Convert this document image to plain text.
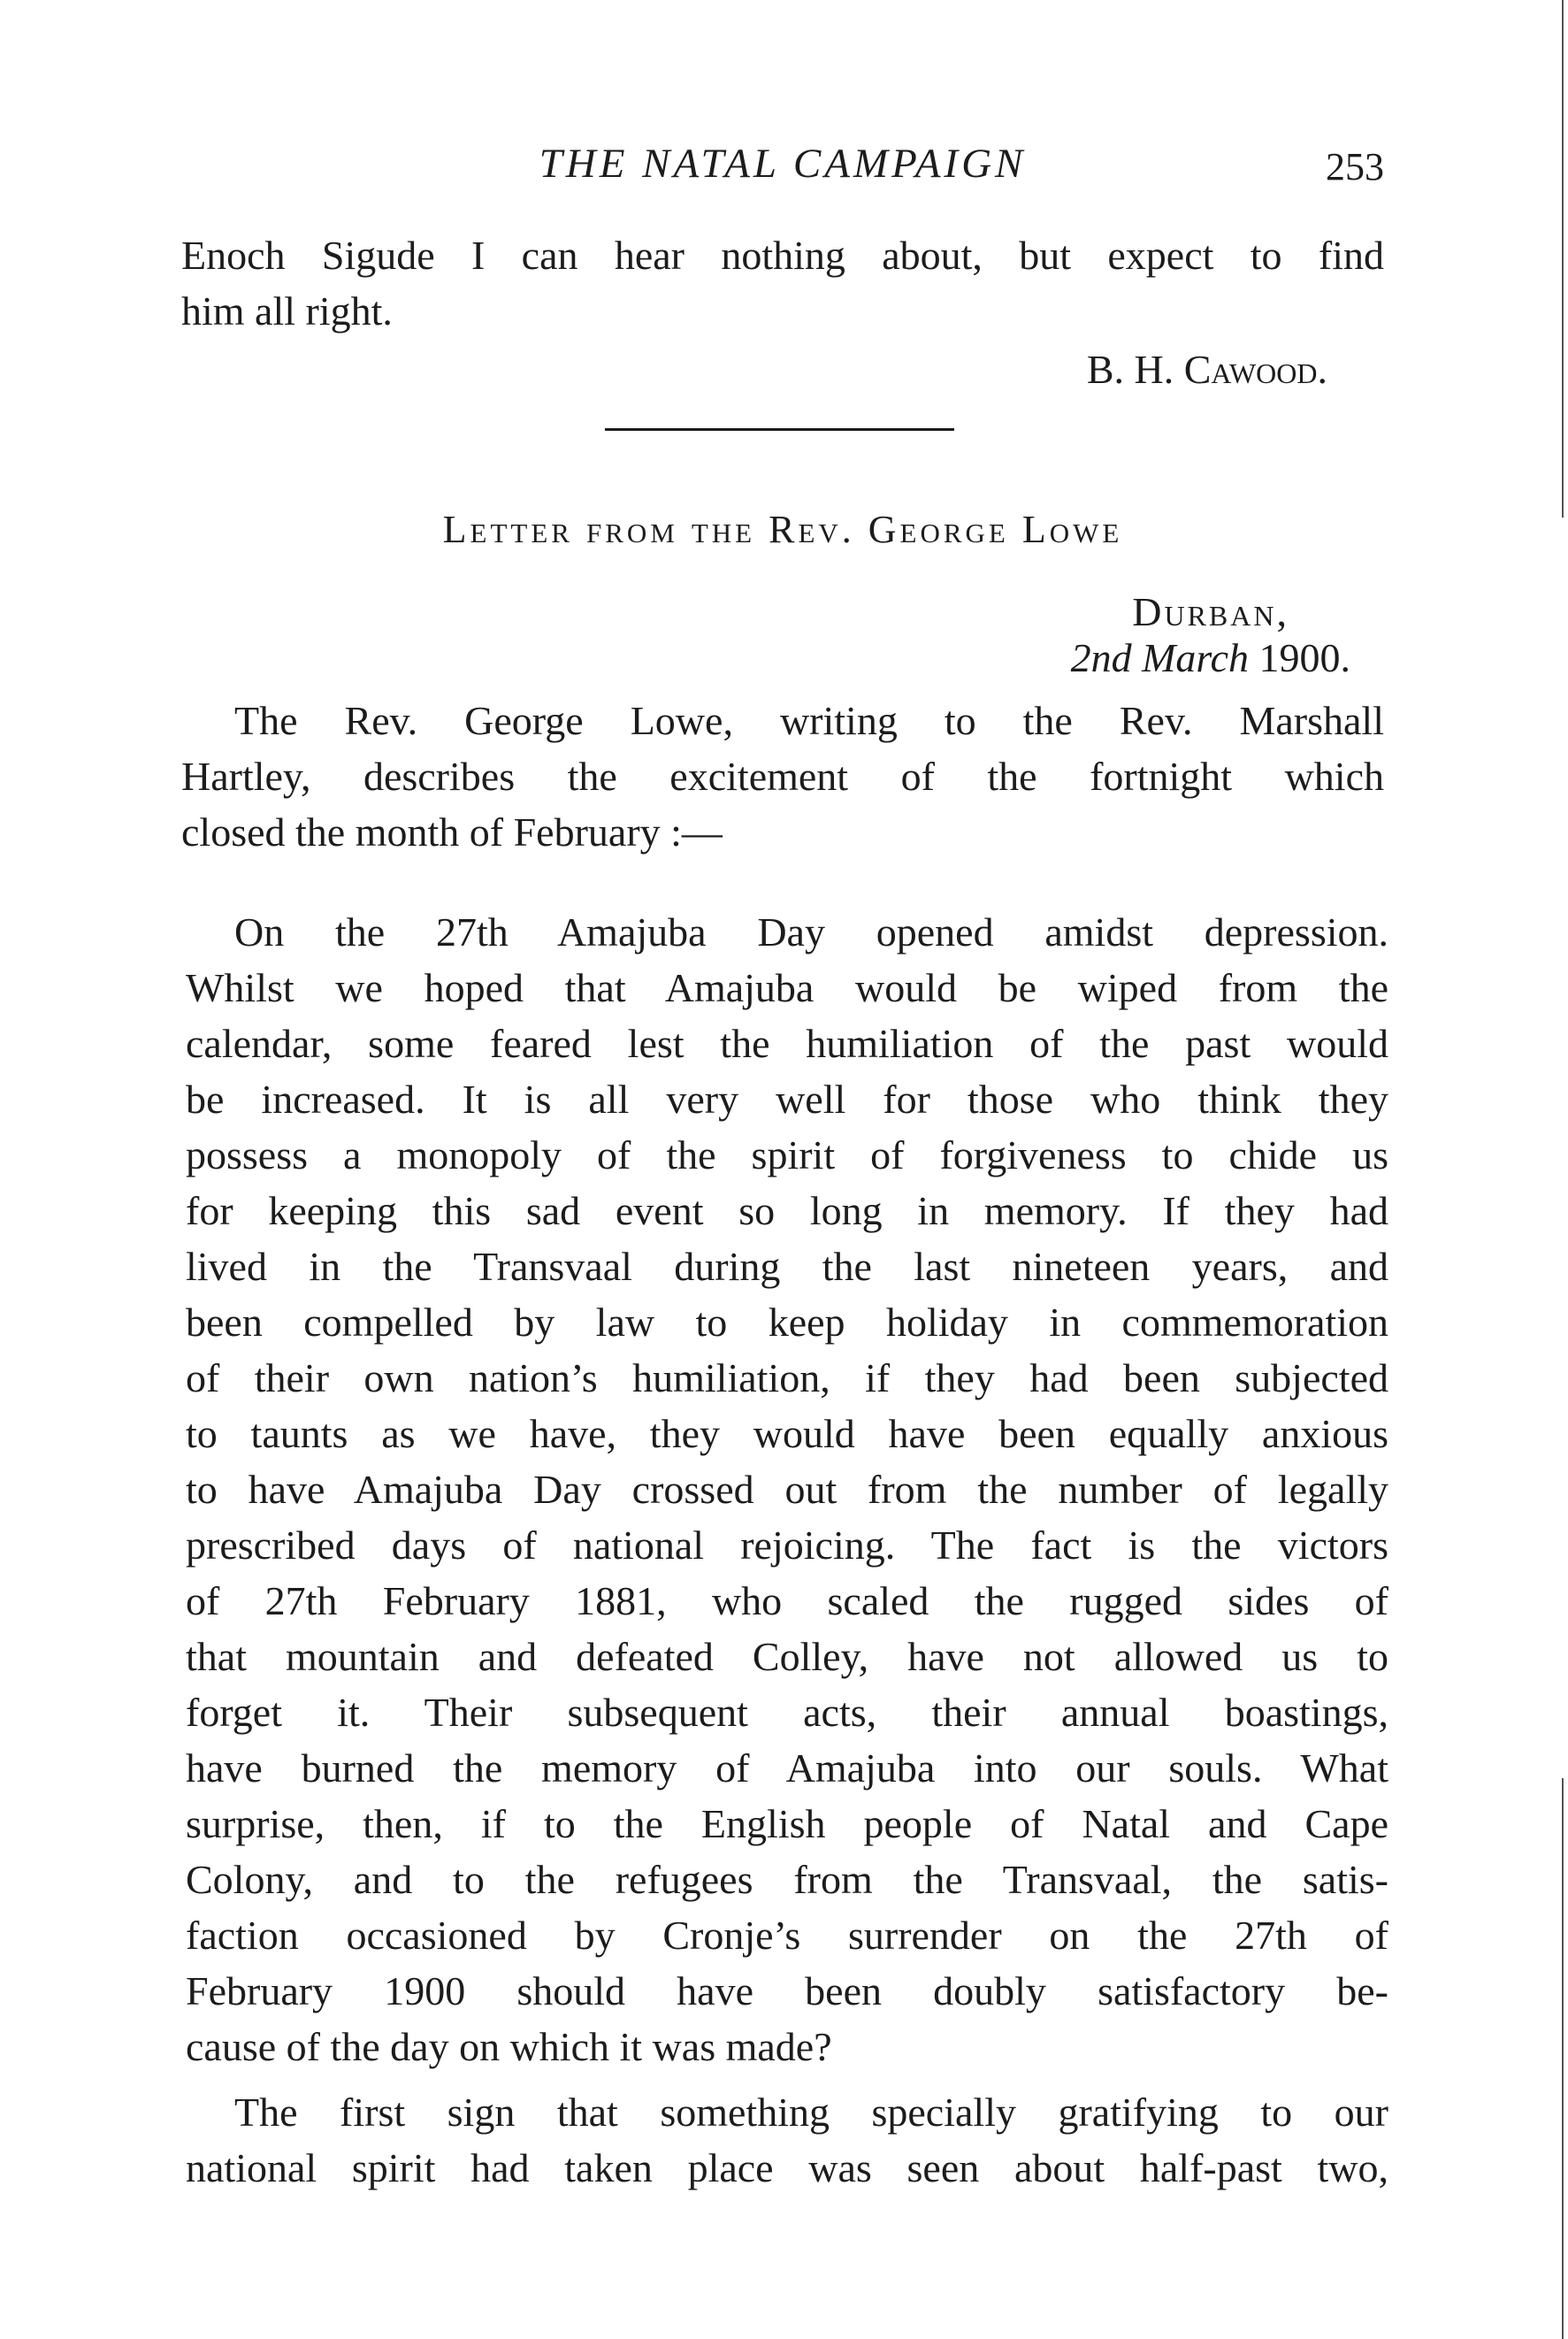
THE NATAL CAMPAIGN	253
Enoch Sigude I can hear nothing about, but expect to find
him all right.
B. H. Cawood.
Letter from the Rev. George Lowe
Durban,
2nd March 1900.
The Rev. George Lowe, writing to the Rev. Marshall
Hartley, describes the excitement of the fortnight which
closed the month of February :—
On the 27th Amajuba Day opened amidst depression.
Whilst we hoped that Amajuba would be wiped from the
calendar, some feared lest the humiliation of the past would
be increased. It is all very well for those who think they
possess a monopoly of the spirit of forgiveness to chide us
for keeping this sad event so long in memory. If they had
lived in the Transvaal during the last nineteen years, and
been compelled by law to keep holiday in commemoration
of their own nation’s humiliation, if they had been subjected
to taunts as we have, they would have been equally anxious
to have Amajuba Day crossed out from the number of legally
prescribed days of national rejoicing. The fact is the victors
of 27th February 1881, who scaled the rugged sides of
that mountain and defeated Colley, have not allowed us to
forget it. Their subsequent acts, their annual boastings,
have burned the memory of Amajuba into our souls. What
surprise, then, if to the English people of Natal and Cape
Colony, and to the refugees from the Transvaal, the satis-
faction occasioned by Cronje’s surrender on the 27th of
February 1900 should have been doubly satisfactory be-
cause of the day on which it was made?
The first sign that something specially gratifying to our
national spirit had taken place was seen about half-past two,
